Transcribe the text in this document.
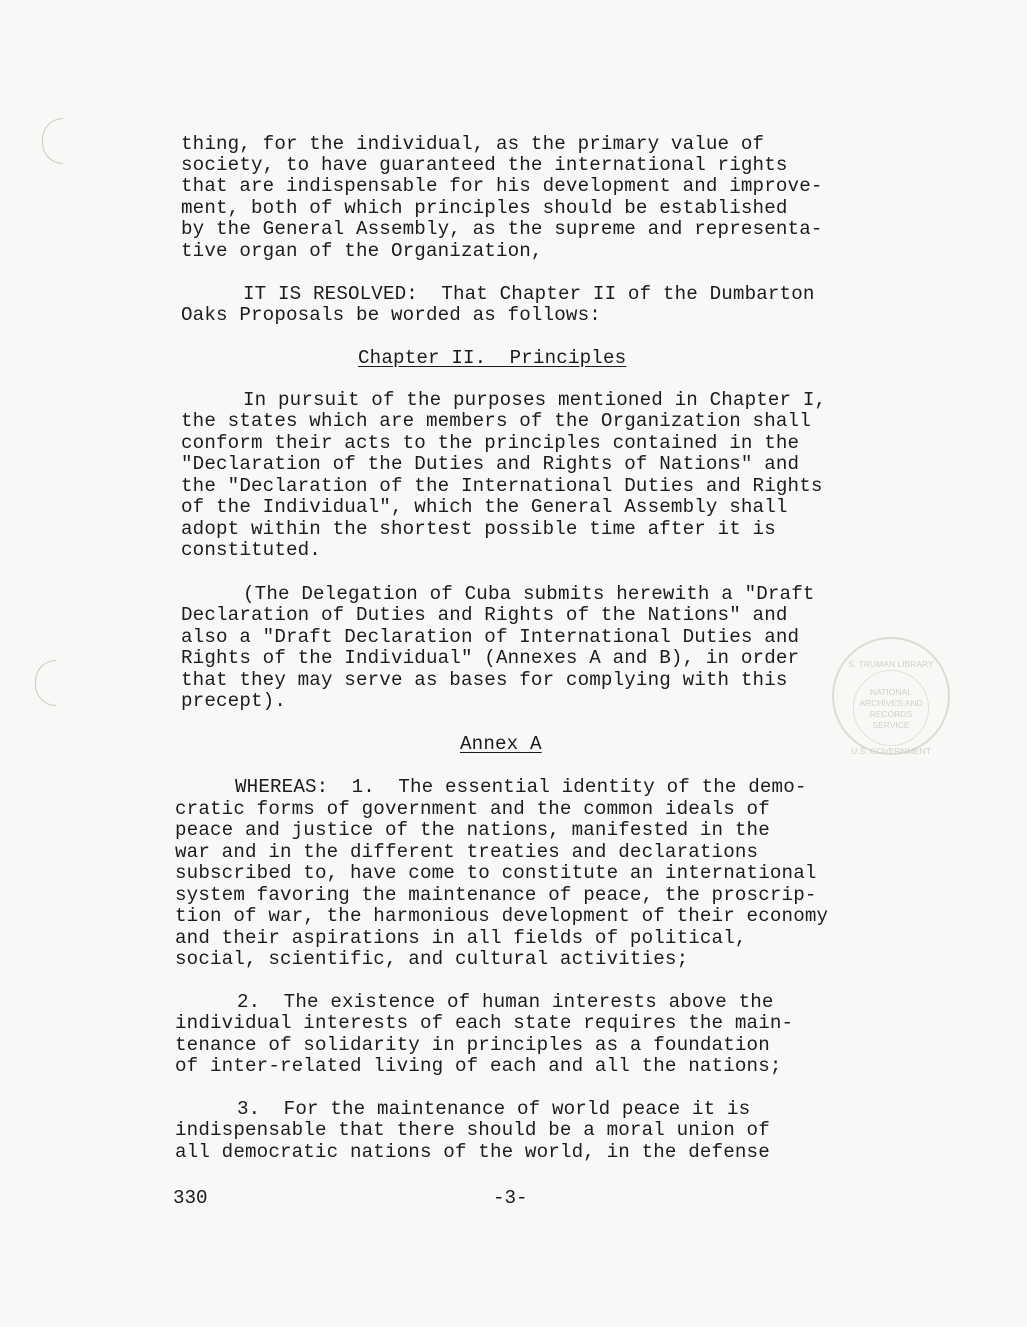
thing, for the individual, as the primary value of
society, to have guaranteed the international rights
that are indispensable for his development and improve-
ment, both of which principles should be established
by the General Assembly, as the supreme and representa-
tive organ of the Organization,
IT IS RESOLVED:  That Chapter II of the Dumbarton
Oaks Proposals be worded as follows:
Chapter II.  Principles
In pursuit of the purposes mentioned in Chapter I,
the states which are members of the Organization shall
conform their acts to the principles contained in the
"Declaration of the Duties and Rights of Nations" and
the "Declaration of the International Duties and Rights
of the Individual", which the General Assembly shall
adopt within the shortest possible time after it is
constituted.
(The Delegation of Cuba submits herewith a "Draft
Declaration of Duties and Rights of the Nations" and
also a "Draft Declaration of International Duties and
Rights of the Individual" (Annexes A and B), in order
that they may serve as bases for complying with this
precept).
Annex A
WHEREAS:  1.  The essential identity of the demo-
cratic forms of government and the common ideals of
peace and justice of the nations, manifested in the
war and in the different treaties and declarations
subscribed to, have come to constitute an international
system favoring the maintenance of peace, the proscrip-
tion of war, the harmonious development of their economy
and their aspirations in all fields of political,
social, scientific, and cultural activities;
2.  The existence of human interests above the
individual interests of each state requires the main-
tenance of solidarity in principles as a foundation
of inter-related living of each and all the nations;
3.  For the maintenance of world peace it is
indispensable that there should be a moral union of
all democratic nations of the world, in the defense
S. TRUMAN LIBRARY
NATIONAL
ARCHIVES AND
RECORDS
SERVICE
U.S. GOVERNMENT
330	-3-
